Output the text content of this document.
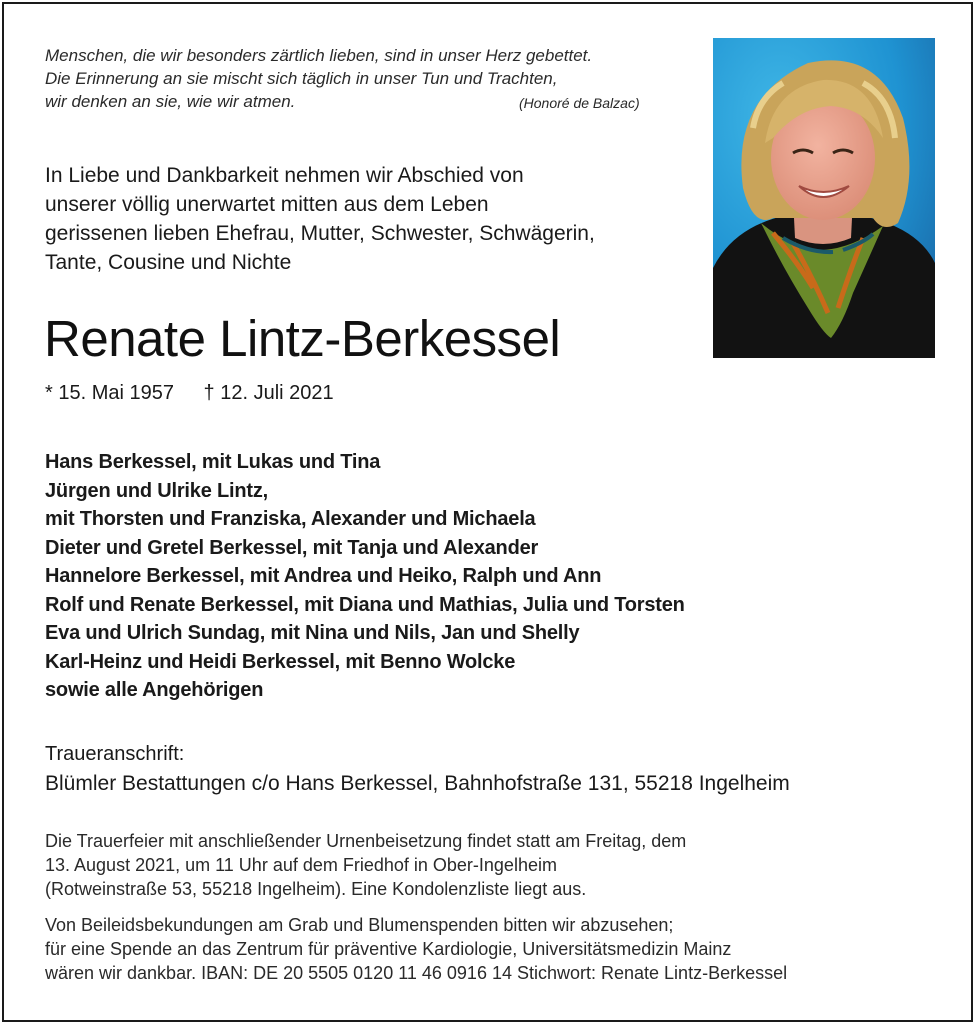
Menschen, die wir besonders zärtlich lieben, sind in unser Herz gebettet.
Die Erinnerung an sie mischt sich täglich in unser Tun und Trachten,
wir denken an sie, wie wir atmen.	(Honoré de Balzac)
In Liebe und Dankbarkeit nehmen wir Abschied von
unserer völlig unerwartet mitten aus dem Leben
gerissenen lieben Ehefrau, Mutter, Schwester, Schwägerin,
Tante, Cousine und Nichte
Renate Lintz-Berkessel
* 15. Mai 1957 † 12. Juli 2021
Hans Berkessel, mit Lukas und Tina
Jürgen und Ulrike Lintz,
mit Thorsten und Franziska, Alexander und Michaela
Dieter und Gretel Berkessel, mit Tanja und Alexander
Hannelore Berkessel, mit Andrea und Heiko, Ralph und Ann
Rolf und Renate Berkessel, mit Diana und Mathias, Julia und Torsten
Eva und Ulrich Sundag, mit Nina und Nils, Jan und Shelly
Karl-Heinz und Heidi Berkessel, mit Benno Wolcke
sowie alle Angehörigen
Traueranschrift:
Blümler Bestattungen c/o Hans Berkessel, Bahnhofstraße 131, 55218 Ingelheim
Die Trauerfeier mit anschließender Urnenbeisetzung findet statt am Freitag, dem
13. August 2021, um 11 Uhr auf dem Friedhof in Ober-Ingelheim
(Rotweinstraße 53, 55218 Ingelheim). Eine Kondolenzliste liegt aus.
Von Beileidsbekundungen am Grab und Blumenspenden bitten wir abzusehen;
für eine Spende an das Zentrum für präventive Kardiologie, Universitätsmedizin Mainz
wären wir dankbar. IBAN: DE 20 5505 0120 11 46 0916 14 Stichwort: Renate Lintz-Berkessel
